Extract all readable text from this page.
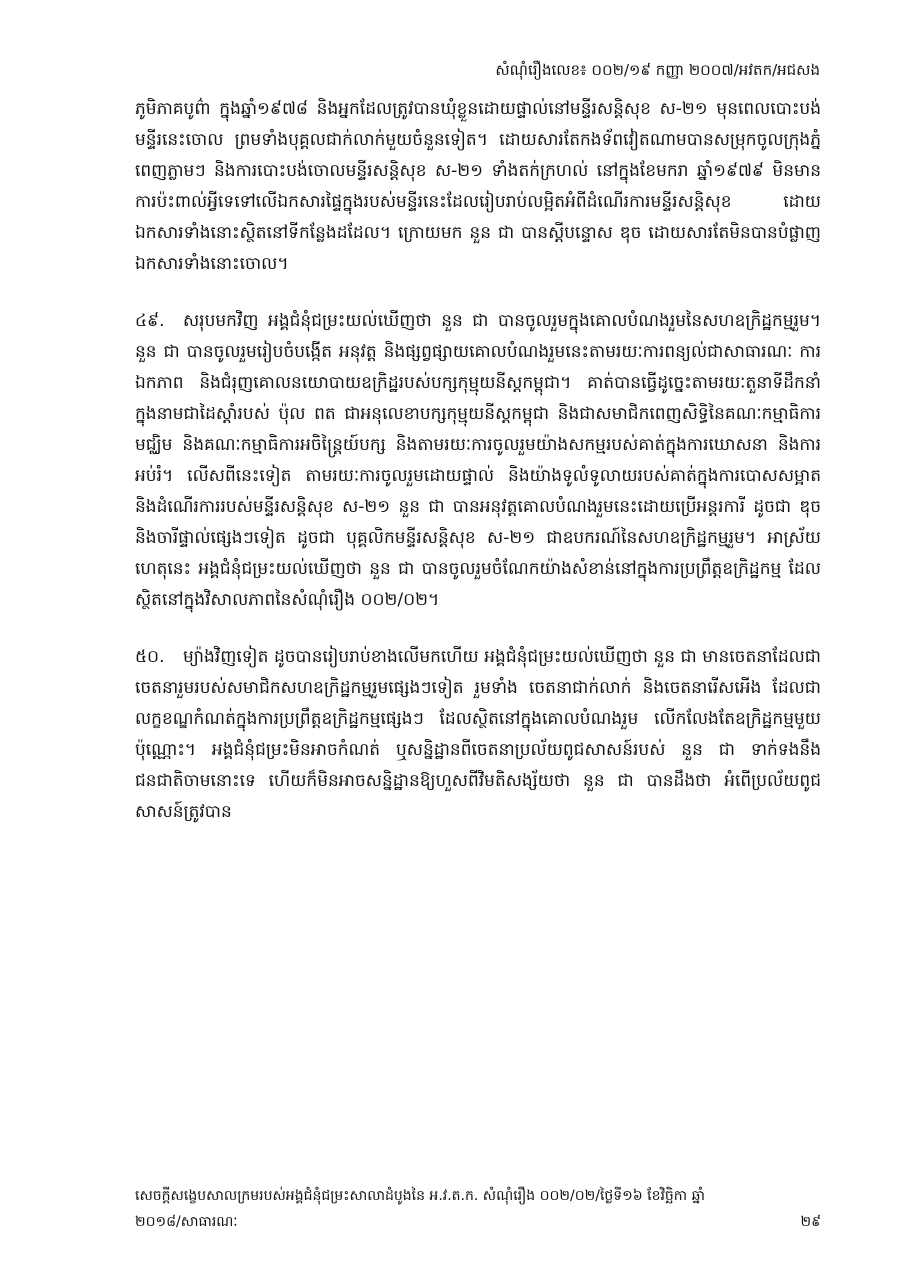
សំណុំរឿងលេខ៖ ០០២/១៩ កញ្ញា ២០០៧/អវតក/អជសង

ភូមិភាគបូព៌ា ក្នុងឆ្នាំ១៩៧៨ និងអ្នកដែលត្រូវបានឃុំខ្លួនដោយផ្ទាល់នៅមន្ទីរសន្តិសុខ ស-២១ មុនពេលបោះបង់មន្ទីរនេះចោល ព្រមទាំងបុគ្គលជាក់លាក់មួយចំនួនទៀត។ ដោយសារតែកងទ័ពវៀតណាមបានសម្រុកចូលក្រុងភ្នំពេញភ្លាមៗ និងការបោះបង់ចោលមន្ទីរសន្តិសុខ ស-២១ ទាំងតក់ក្រហល់ នៅក្នុងខែមករា ឆ្នាំ១៩៧៩ មិនមានការប៉ះពាល់អ្វីទេទៅលើឯកសារផ្ទៃក្នុងរបស់មន្ទីរនេះដែលរៀបរាប់លម្អិតអំពីដំណើរការមន្ទីរសន្តិសុខ ដោយឯកសារទាំងនោះស្ថិតនៅទីកន្លែងដដែល។ ក្រោយមក នួន ជា បានស្តីបន្ទោស ឌុច ដោយសារតែមិនបានបំផ្លាញឯកសារទាំងនោះចោល។

៤៩. សរុបមកវិញ អង្គជំនុំជម្រះយល់ឃើញថា នួន ជា បានចូលរួមក្នុងគោលបំណងរួមនៃសហឧក្រិដ្ឋកម្មរួម។ នួន ជា បានចូលរួមរៀបចំបង្កើត អនុវត្ត និងផ្សព្វផ្សាយគោលបំណងរួមនេះតាមរយៈការពន្យល់ជាសាធារណៈ ការឯកភាព និងជំរុញគោលនយោបាយឧក្រិដ្ឋរបស់បក្សកុម្មុយនីស្តកម្ពុជា។ គាត់បានធ្វើដូច្នេះតាមរយៈតួនាទីដឹកនាំក្នុងនាមជាដៃស្តាំរបស់ ប៉ុល ពត ជាអនុលេខាបក្សកុម្មុយនីស្តកម្ពុជា និងជាសមាជិកពេញសិទ្ធិនៃគណៈកម្មាធិការមជ្ឈិម និងគណៈកម្មាធិការអចិន្ត្រៃយ៍បក្ស និងតាមរយៈការចូលរួមយ៉ាងសកម្មរបស់គាត់ក្នុងការឃោសនា និងការអប់រំ។ លើសពីនេះទៀត តាមរយៈការចូលរួមដោយផ្ទាល់ និងយ៉ាងទូលំទូលាយរបស់គាត់ក្នុងការបោសសម្អាត និងដំណើរការរបស់មន្ទីរសន្តិសុខ ស-២១ នួន ជា បានអនុវត្តគោលបំណងរួមនេះដោយប្រើអន្តរការី ដូចជា ឌុច និងចារីផ្ទាល់ផ្សេងៗទៀត ដូចជា បុគ្គលិកមន្ទីរសន្តិសុខ ស-២១ ជាឧបករណ៍នៃសហឧក្រិដ្ឋកម្មរួម។ អាស្រ័យហេតុនេះ អង្គជំនុំជម្រះយល់ឃើញថា នួន ជា បានចូលរួមចំណែកយ៉ាងសំខាន់នៅក្នុងការប្រព្រឹត្តឧក្រិដ្ឋកម្ម ដែលស្ថិតនៅក្នុងវិសាលភាពនៃសំណុំរឿង ០០២/០២។

៥០. ម្យ៉ាងវិញទៀត ដូចបានរៀបរាប់ខាងលើមកហើយ អង្គជំនុំជម្រះយល់ឃើញថា នួន ជា មានចេតនាដែលជាចេតនារួមរបស់សមាជិកសហឧក្រិដ្ឋកម្មរួមផ្សេងៗទៀត រួមទាំង ចេតនាជាក់លាក់ និងចេតនារើសអើង ដែលជាលក្ខខណ្ឌកំណត់ក្នុងការប្រព្រឹត្តឧក្រិដ្ឋកម្មផ្សេងៗ ដែលស្ថិតនៅក្នុងគោលបំណងរួម លើកលែងតែឧក្រិដ្ឋកម្មមួយប៉ុណ្ណោះ។ អង្គជំនុំជម្រះមិនអាចកំណត់ ឬសន្និដ្ឋានពីចេតនាប្រល័យពូជសាសន៍របស់ នួន ជា ទាក់ទងនឹងជនជាតិចាមនោះទេ ហើយក៏មិនអាចសន្និដ្ឋានឱ្យហួសពីវិមតិសង្ស័យថា នួន ជា បានដឹងថា អំពើប្រល័យពូជសាសន៍ត្រូវបាន

សេចក្តីសង្ខេបសាលក្រមរបស់អង្គជំនុំជម្រះសាលាដំបូងនៃ អ.វ.ត.ក. សំណុំរឿង ០០២/០២/ថ្ងៃទី១៦ ខែវិច្ឆិកា ឆ្នាំ
២០១៨/សាធារណៈ	២៩
